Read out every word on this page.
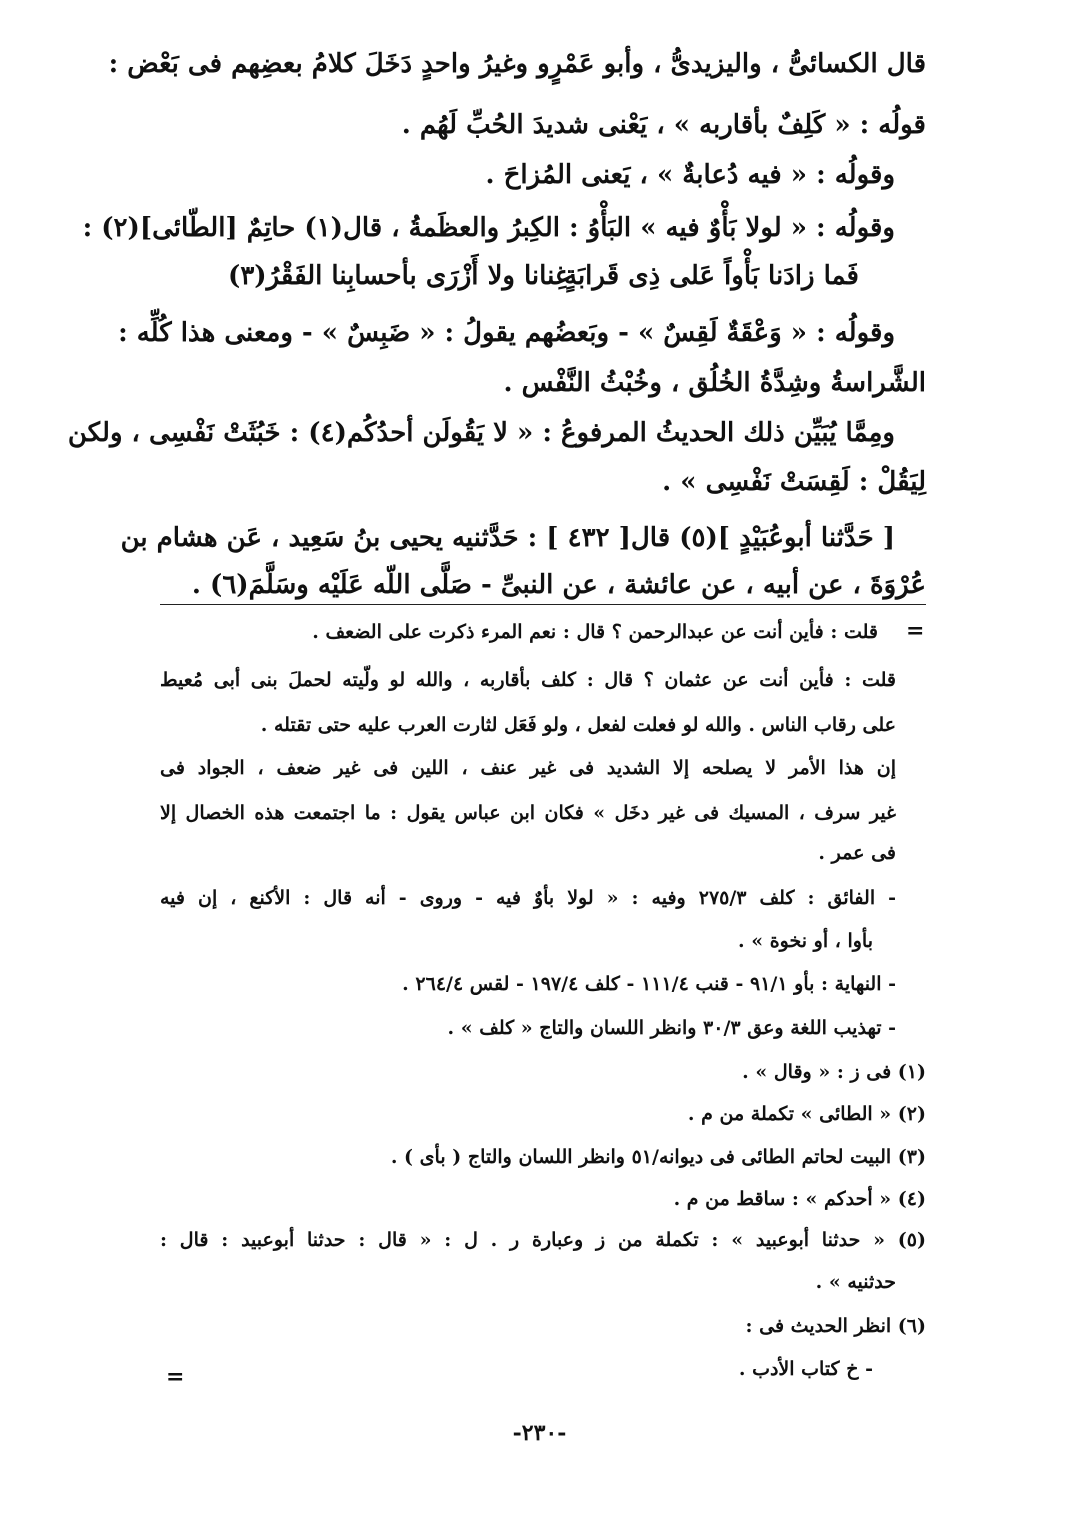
قال الكسائىُّ ، واليزيدىُّ ، وأبو عَمْرٍو وغيرُ واحدٍ دَخَلَ كلامُ بعضِهم فى بَعْض :
قولُه : « كَلِفٌ بأقاربه » ، يَعْنى شديدَ الحُبِّ لَهُم .
وقولُه : « فيه دُعابةٌ » ، يَعنى المُزاحَ .
وقولُه : « لولا بَأْوٌ فيه » البَأْوُ : الكِبرُ والعظَمةُ ، قال(١) حاتِمٌ [الطّائى](٢) :
فَما زادَنا بَأْواً عَلى ذِى قَرابَةٍ
غِنانا ولا أَزْرَى بأحسابِنا الفَقْرُ(٣)
وقولُه : « وَعْقَةٌ لَقِسٌ » - وبَعضُهم يقولُ : « ضَبِسٌ » - ومعنى هذا كُلِّه :
الشَّراسةُ وشِدَّةُ الخُلُق ، وخُبْثُ النَّفْس .
ومِمَّا يُبَيِّن ذلك الحديثُ المرفوعُ : « لا يَقُولَن أحدُكُم(٤) : خَبُثَتْ نَفْسِى ، ولكن
لِيَقُلْ : لَقِسَتْ نَفْسِى » .
[ حَدَّثنا أبوعُبَيْدٍ ](٥) قال[ ٤٣٢ ] : حَدَّثنيه يحيى بنُ سَعِيد ، عَن هشام بن
عُرْوَةَ ، عن أبيه ، عن عائشة ، عن النبىِّ - صَلَّى اللّه عَلَيْه وسَلَّمَ(٦) .
=
قلت : فأين أنت عن عبدالرحمن ؟ قال : نعم المرء ذكرت على الضعف .
قلت : فأين أنت عن عثمان ؟ قال : كلف بأقاربه ، والله لو ولّيته لحملَ بنى أبى مُعيط
على رقاب الناس . والله لو فعلت لفعل ، ولو فَعَل لثارت العرب عليه حتى تقتله .
إن هذا الأمر لا يصلحه إلا الشديد فى غير عنف ، اللين فى غير ضعف ، الجواد فى
غير سرف ، المسيك فى غير دخَل » فكان ابن عباس يقول : ما اجتمعت هذه الخصال إلا
فى عمر .
- الفائق : كلف ٢٧٥/٣ وفيه : « لولا بأوٌ فيه - وروى - أنه قال : الأكنع ، إن فيه
بأوا ، أو نخوة » .
- النهاية : بأو ٩١/١ - قنب ١١١/٤ - كلف ١٩٧/٤ - لقس ٢٦٤/٤ .
- تهذيب اللغة وعق ٣٠/٣ وانظر اللسان والتاج « كلف » .
(١) فى ز : « وقال » .
(٢) « الطائى » تكملة من م .
(٣) البيت لحاتم الطائى فى ديوانه/٥١ وانظر اللسان والتاج ( بأى ) .
(٤) « أحدكم » : ساقط من م .
(٥) « حدثنا أبوعبيد » : تكملة من ز وعبارة ر . ل : « قال : حدثنا أبوعبيد : قال :
حدثنيه » .
(٦) انظر الحديث فى :
- خ كتاب الأدب .
=
-٢٣٠-
